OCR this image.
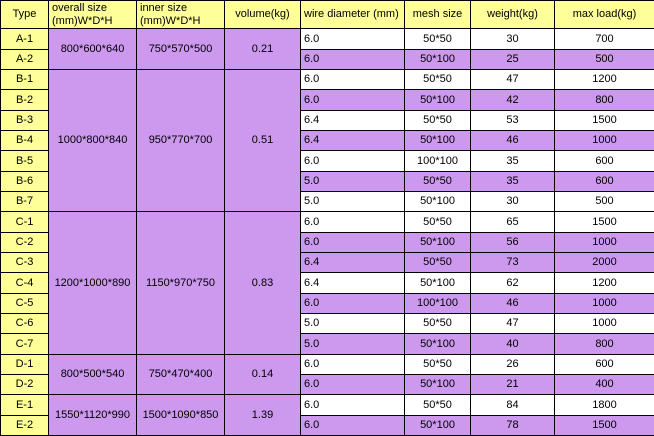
Type	overall size (mm)W*D*H	inner size (mm)W*D*H	volume(kg)	wire diameter (mm)	mesh size	weight(kg)	max load(kg)
A-1	800*600*640	750*570*500	0.21	6.0	50*50	30	700
A-2				6.0	50*100	25	500
B-1	1000*800*840	950*770*700	0.51	6.0	50*50	47	1200
B-2				6.0	50*100	42	800
B-3				6.4	50*50	53	1500
B-4				6.4	50*100	46	1000
B-5				6.0	100*100	35	600
B-6				5.0	50*50	35	600
B-7				5.0	50*100	30	500
C-1	1200*1000*890	1150*970*750	0.83	6.0	50*50	65	1500
C-2				6.0	50*100	56	1000
C-3				6.4	50*50	73	2000
C-4				6.4	50*100	62	1200
C-5				6.0	100*100	46	1000
C-6				5.0	50*50	47	1000
C-7				5.0	50*100	40	800
D-1	800*500*540	750*470*400	0.14	6.0	50*50	26	600
D-2				6.0	50*100	21	400
E-1	1550*1120*990	1500*1090*850	1.39	6.0	50*50	84	1800
E-2				6.0	50*100	78	1500
